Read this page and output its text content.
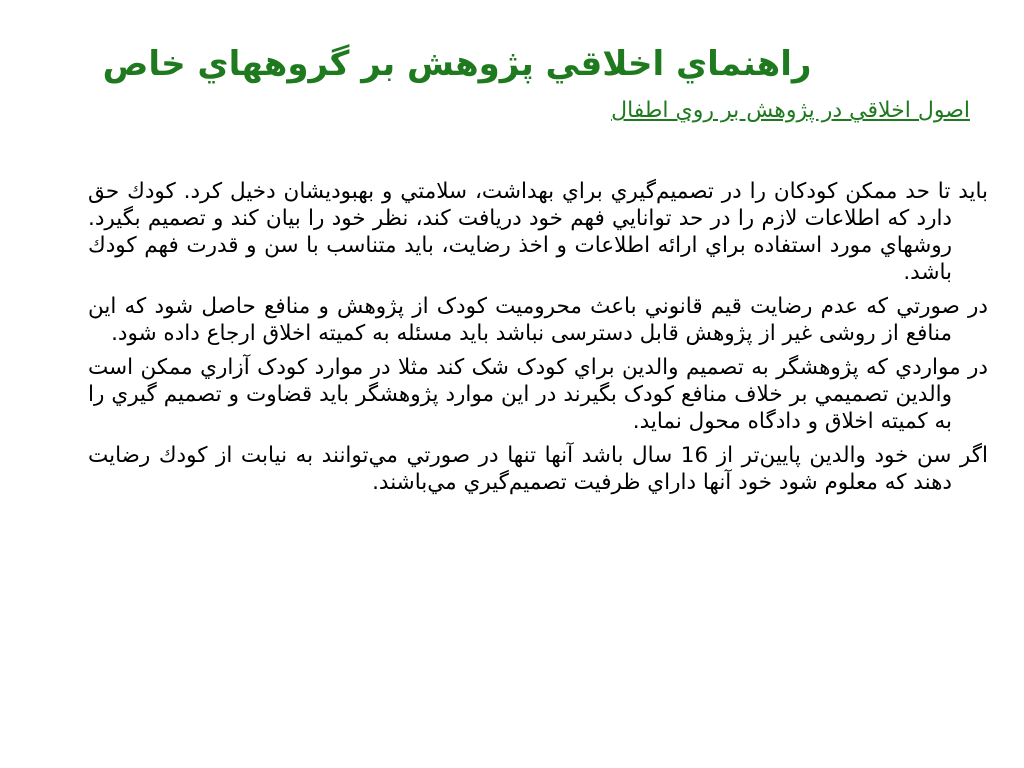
راهنماي اخلاقي پژوهش بر گروههاي خاص
اصول اخلاقي در پژوهش بر روي اطفال

بايد تا حد ممكن كودكان را در تصميم‌گيري براي بهداشت، سلامتي و بهبوديشان دخيل كرد. كودك حق دارد كه اطلاعات لازم را در حد توانايي فهم خود دريافت كند، نظر خود را بيان كند و تصميم بگيرد. روشهاي مورد استفاده براي ارائه اطلاعات و اخذ رضايت، بايد متناسب با سن و قدرت فهم كودك باشد.

در صورتي كه عدم رضايت قيم قانوني باعث محروميت كودک از پژوهش و منافع حاصل شود كه اين منافع از روشی غير از پژوهش قابل دسترسی نباشد بايد مسئله به كميته اخلاق ارجاع داده شود.

در مواردي كه پژوهشگر به تصميم والدين براي كودک شک كند مثلا در موارد كودک آزاري ممكن است والدين تصميمي بر خلاف منافع كودک بگيرند در اين موارد پژوهشگر بايد قضاوت و تصميم گيري را به كميته اخلاق و دادگاه محول نمايد.

اگر سن خود والدين پايين‌تر از 16 سال باشد آنها تنها در صورتي مي‌توانند به نيابت از كودك رضايت دهند كه معلوم شود خود آنها داراي ظرفيت تصميم‌گيري مي‌باشند.
